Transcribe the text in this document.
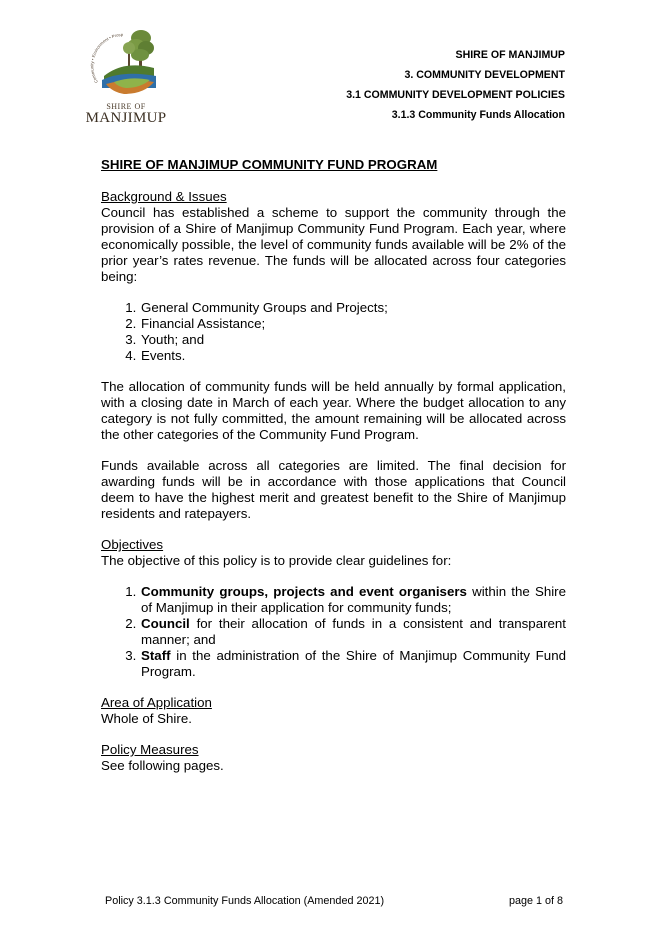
Community • Environment • Prosp
SHIRE OF
MANJIMUP
SHIRE OF MANJIMUP
3. COMMUNITY DEVELOPMENT
3.1 COMMUNITY DEVELOPMENT POLICIES
3.1.3 Community Funds Allocation
SHIRE OF MANJIMUP COMMUNITY FUND PROGRAM
Background & Issues

Council has established a scheme to support the community through the provision of a Shire of Manjimup Community Fund Program. Each year, where economically possible, the level of community funds available will be 2% of the prior year’s rates revenue. The funds will be allocated across four categories being:

1. General Community Groups and Projects;
2. Financial Assistance;
3. Youth; and
4. Events.

The allocation of community funds will be held annually by formal application, with a closing date in March of each year. Where the budget allocation to any category is not fully committed, the amount remaining will be allocated across the other categories of the Community Fund Program.

Funds available across all categories are limited. The final decision for awarding funds will be in accordance with those applications that Council deem to have the highest merit and greatest benefit to the Shire of Manjimup residents and ratepayers.

Objectives

The objective of this policy is to provide clear guidelines for:

1. Community groups, projects and event organisers within the Shire of Manjimup in their application for community funds;
2. Council for their allocation of funds in a consistent and transparent manner; and
3. Staff in the administration of the Shire of Manjimup Community Fund Program.
Area of Application

Whole of Shire.

Policy Measures

See following pages.

Policy 3.1.3 Community Funds Allocation (Amended 2021)	page 1 of 8
